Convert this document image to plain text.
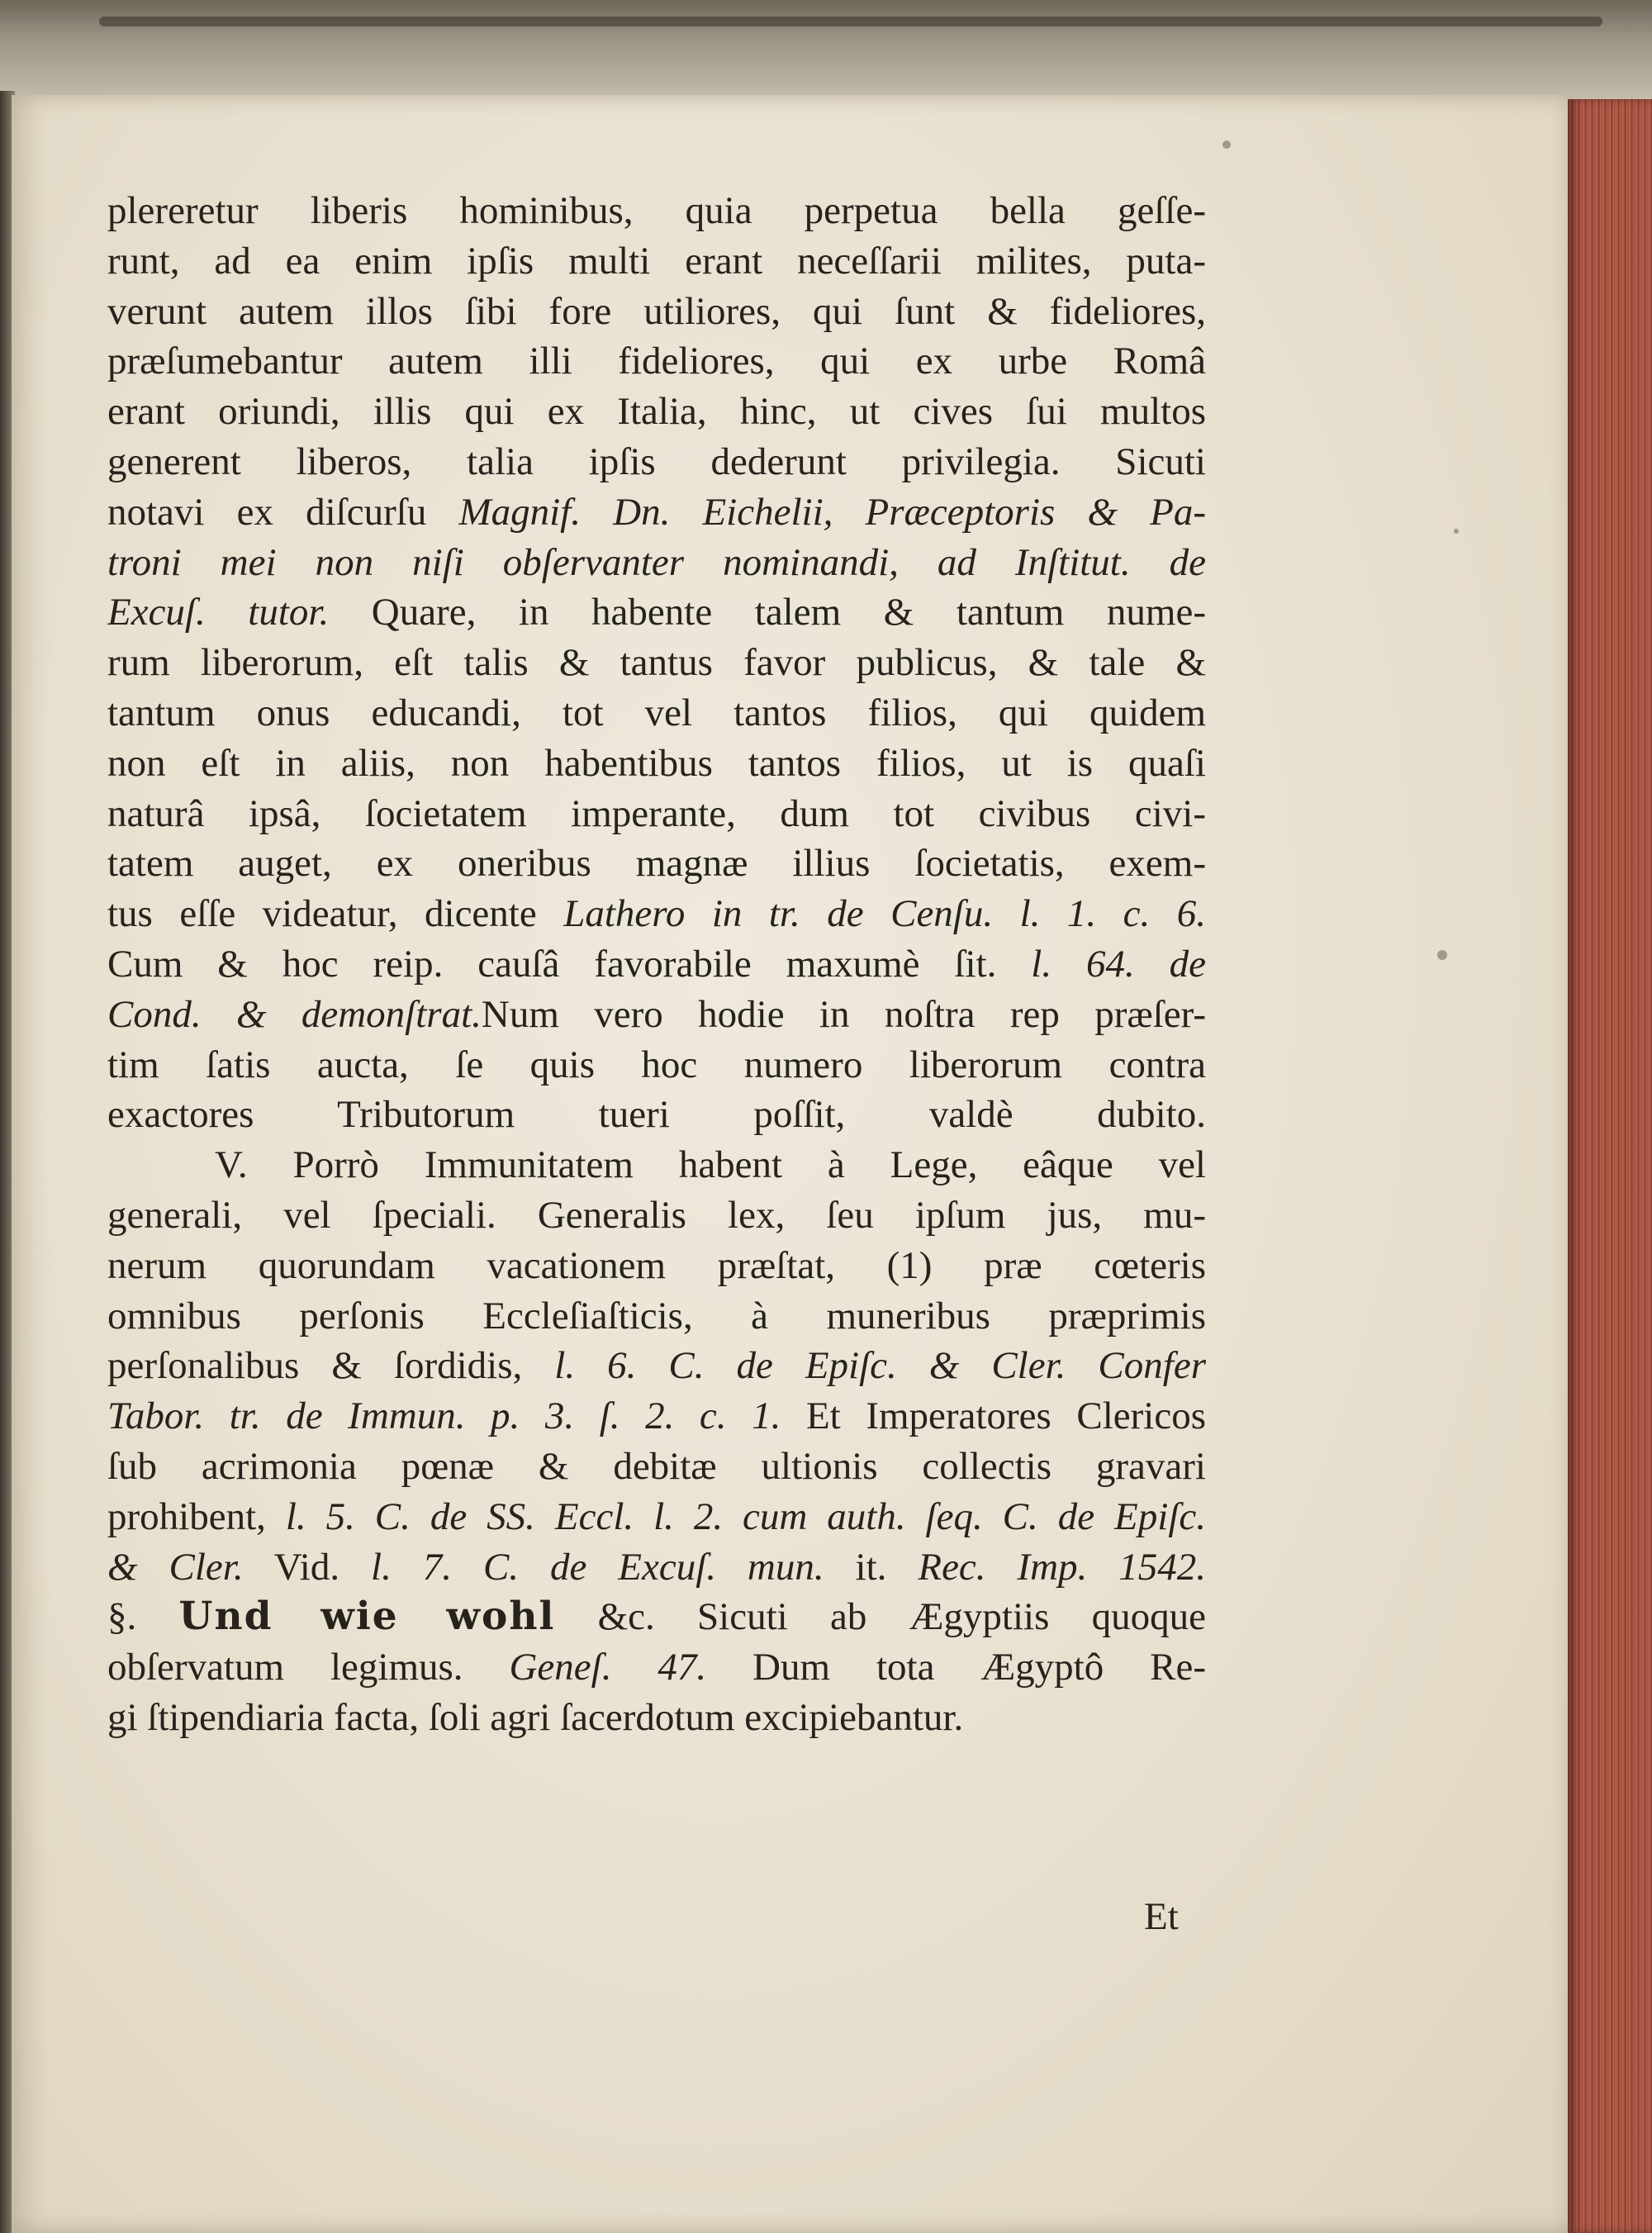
plereretur liberis hominibus, quia perpetua bella geſſe-
runt, ad ea enim ipſis multi erant neceſſarii milites, puta-
verunt autem illos ſibi fore utiliores, qui ſunt & fideliores,
præſumebantur autem illi fideliores, qui ex urbe Româ
erant oriundi, illis qui ex Italia, hinc, ut cives ſui multos
generent liberos, talia ipſis dederunt privilegia. Sicuti
notavi ex diſcurſu Magnif. Dn. Eichelii, Præceptoris & Pa-
troni mei non niſi obſervanter nominandi, ad Inſtitut. de
Excuſ. tutor. Quare, in habente talem & tantum nume-
rum liberorum, eſt talis & tantus favor publicus, & tale &
tantum onus educandi, tot vel tantos filios, qui quidem
non eſt in aliis, non habentibus tantos filios, ut is quaſi
naturâ ipsâ, ſocietatem imperante, dum tot civibus civi-
tatem auget, ex oneribus magnæ illius ſocietatis, exem-
tus eſſe videatur, dicente Lathero in tr. de Cenſu. l. 1. c. 6.
Cum & hoc reip. cauſâ favorabile maxumè ſit. l. 64. de
Cond. & demonſtrat.Num vero hodie in noſtra rep præſer-
tim ſatis aucta, ſe quis hoc numero liberorum contra
exactores Tributorum tueri poſſit, valdè dubito.
V. Porrò Immunitatem habent à Lege, eâque vel
generali, vel ſpeciali. Generalis lex, ſeu ipſum jus, mu-
nerum quorundam vacationem præſtat, (1) præ cœteris
omnibus perſonis Eccleſiaſticis, à muneribus præprimis
perſonalibus & ſordidis, l. 6. C. de Epiſc. & Cler. Confer
Tabor. tr. de Immun. p. 3. ſ. 2. c. 1. Et Imperatores Clericos
ſub acrimonia pœnæ & debitæ ultionis collectis gravari
prohibent, l. 5. C. de SS. Eccl. l. 2. cum auth. ſeq. C. de Epiſc.
& Cler. Vid. l. 7. C. de Excuſ. mun. it. Rec. Imp. 1542.
§. Und wie wohl &c. Sicuti ab Ægyptiis quoque
obſervatum legimus. Geneſ. 47. Dum tota Ægyptô Re-
gi ſtipendiaria facta, ſoli agri ſacerdotum excipiebantur.
Et
